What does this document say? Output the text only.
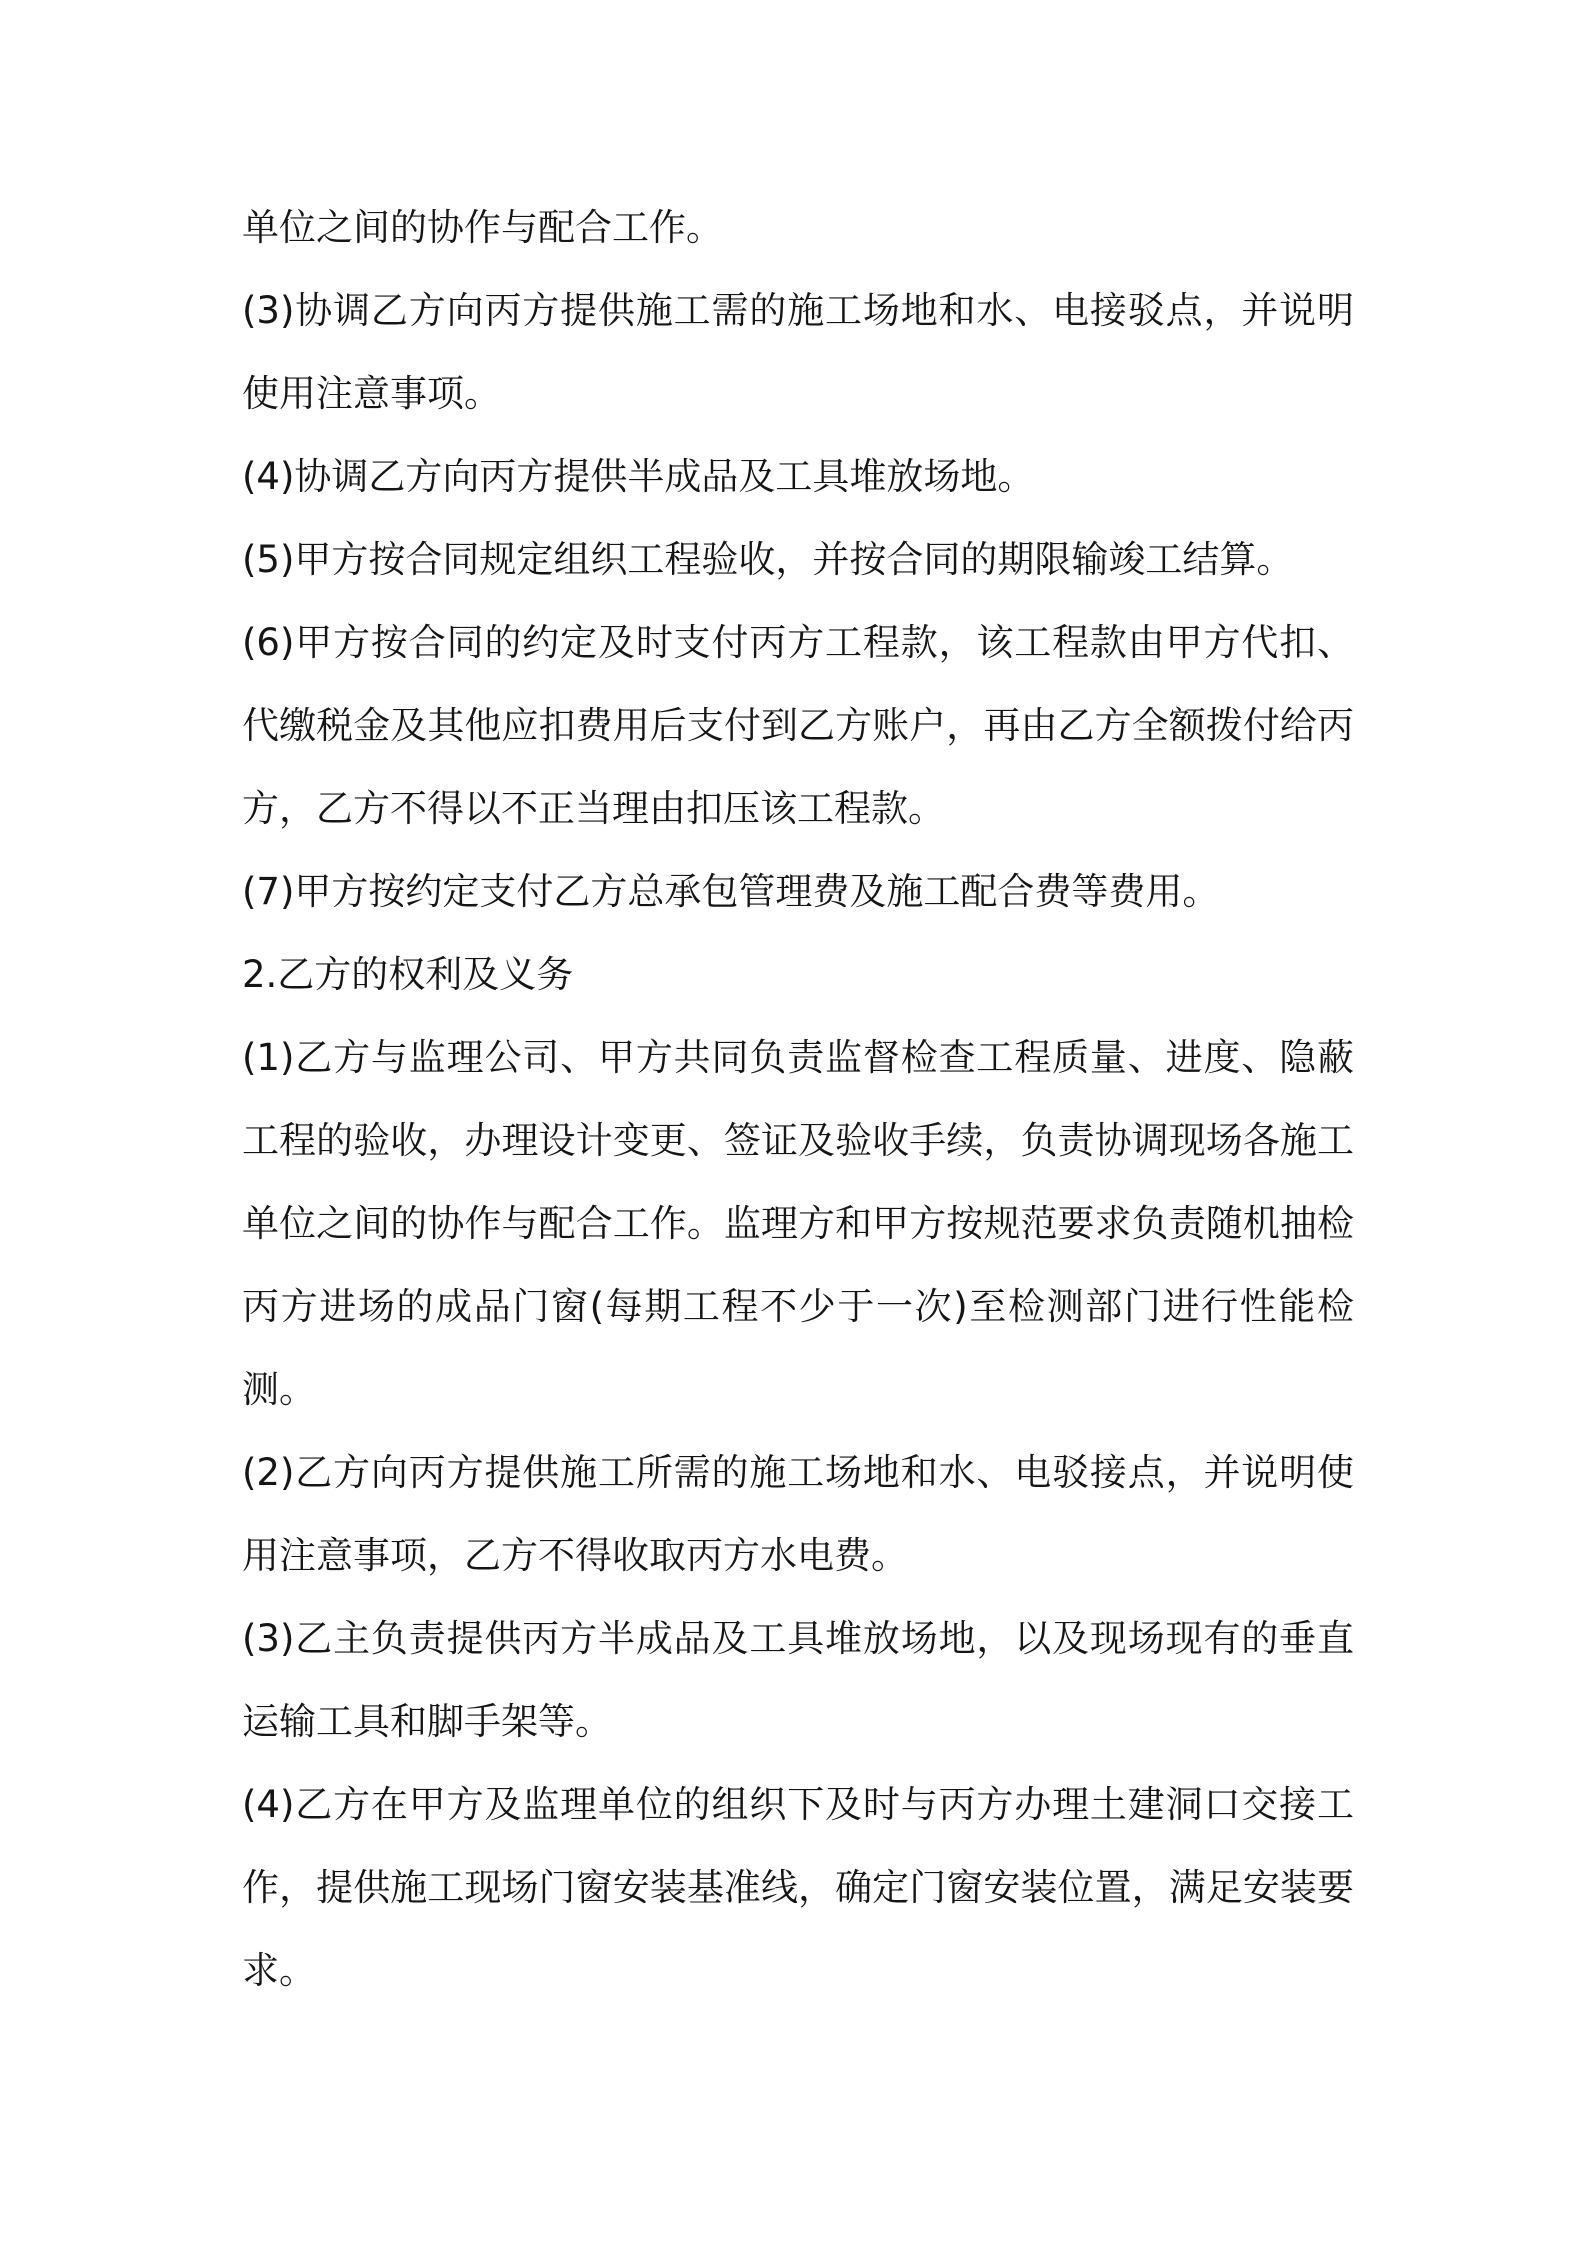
单位之间的协作与配合工作。

(3)协调乙方向丙方提供施工需的施工场地和水、电接驳点，并说明使用注意事项。

(4)协调乙方向丙方提供半成品及工具堆放场地。

(5)甲方按合同规定组织工程验收，并按合同的期限输竣工结算。

(6)甲方按合同的约定及时支付丙方工程款，该工程款由甲方代扣、代缴税金及其他应扣费用后支付到乙方账户，再由乙方全额拨付给丙方，乙方不得以不正当理由扣压该工程款。

(7)甲方按约定支付乙方总承包管理费及施工配合费等费用。

2.乙方的权利及义务

(1)乙方与监理公司、甲方共同负责监督检查工程质量、进度、隐蔽工程的验收，办理设计变更、签证及验收手续，负责协调现场各施工单位之间的协作与配合工作。监理方和甲方按规范要求负责随机抽检丙方进场的成品门窗(每期工程不少于一次)至检测部门进行性能检测。

(2)乙方向丙方提供施工所需的施工场地和水、电驳接点，并说明使用注意事项，乙方不得收取丙方水电费。

(3)乙主负责提供丙方半成品及工具堆放场地，以及现场现有的垂直运输工具和脚手架等。

(4)乙方在甲方及监理单位的组织下及时与丙方办理土建洞口交接工作，提供施工现场门窗安装基准线，确定门窗安装位置，满足安装要求。
